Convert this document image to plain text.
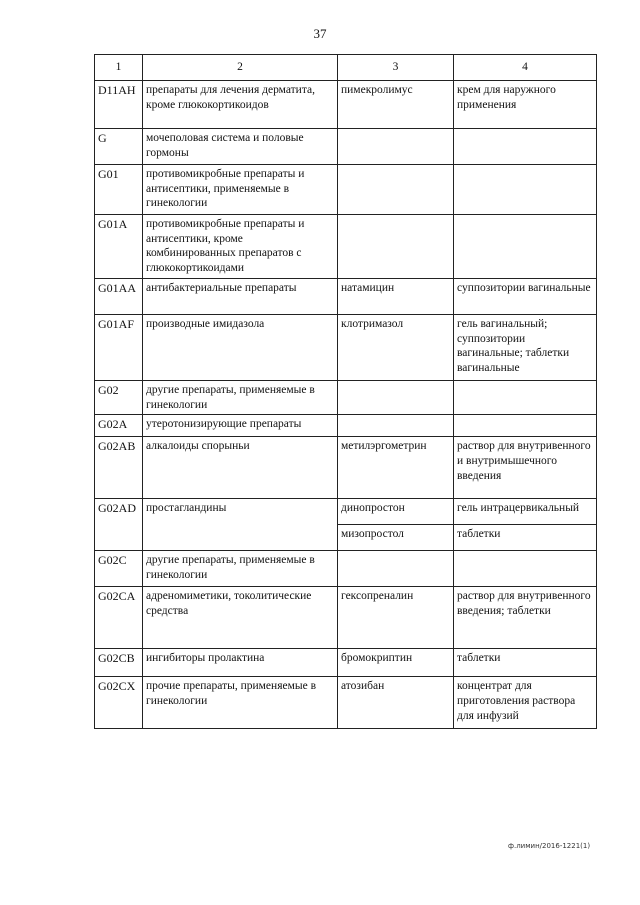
37
1	2	3	4
D11AH	препараты для лечения дерматита, кроме глюкокортикоидов	пимекролимус	крем для наружного применения
G	мочеполовая система и половые гормоны		
G01	противомикробные препараты и антисептики, применяемые в гинекологии		
G01A	противомикробные препараты и антисептики, кроме комбинированных препаратов с глюкокортикоидами		
G01AA	антибактериальные препараты	натамицин	суппозитории вагинальные
G01AF	производные имидазола	клотримазол	гель вагинальный; суппозитории вагинальные; таблетки вагинальные
G02	другие препараты, применяемые в гинекологии		
G02A	утеротонизирующие препараты		
G02AB	алкалоиды спорыньи	метилэргометрин	раствор для внутривенного и внутримышечного введения
G02AD	простагландины	динопростон	гель интрацервикальный
		мизопростол	таблетки
G02C	другие препараты, применяемые в гинекологии		
G02CA	адреномиметики, токолитические средства	гексопреналин	раствор для внутривенного введения; таблетки
G02CB	ингибиторы пролактина	бромокриптин	таблетки
G02CX	прочие препараты, применяемые в гинекологии	атозибан	концентрат для приготовления раствора для инфузий
ф.лимин/2016-1221(1)
